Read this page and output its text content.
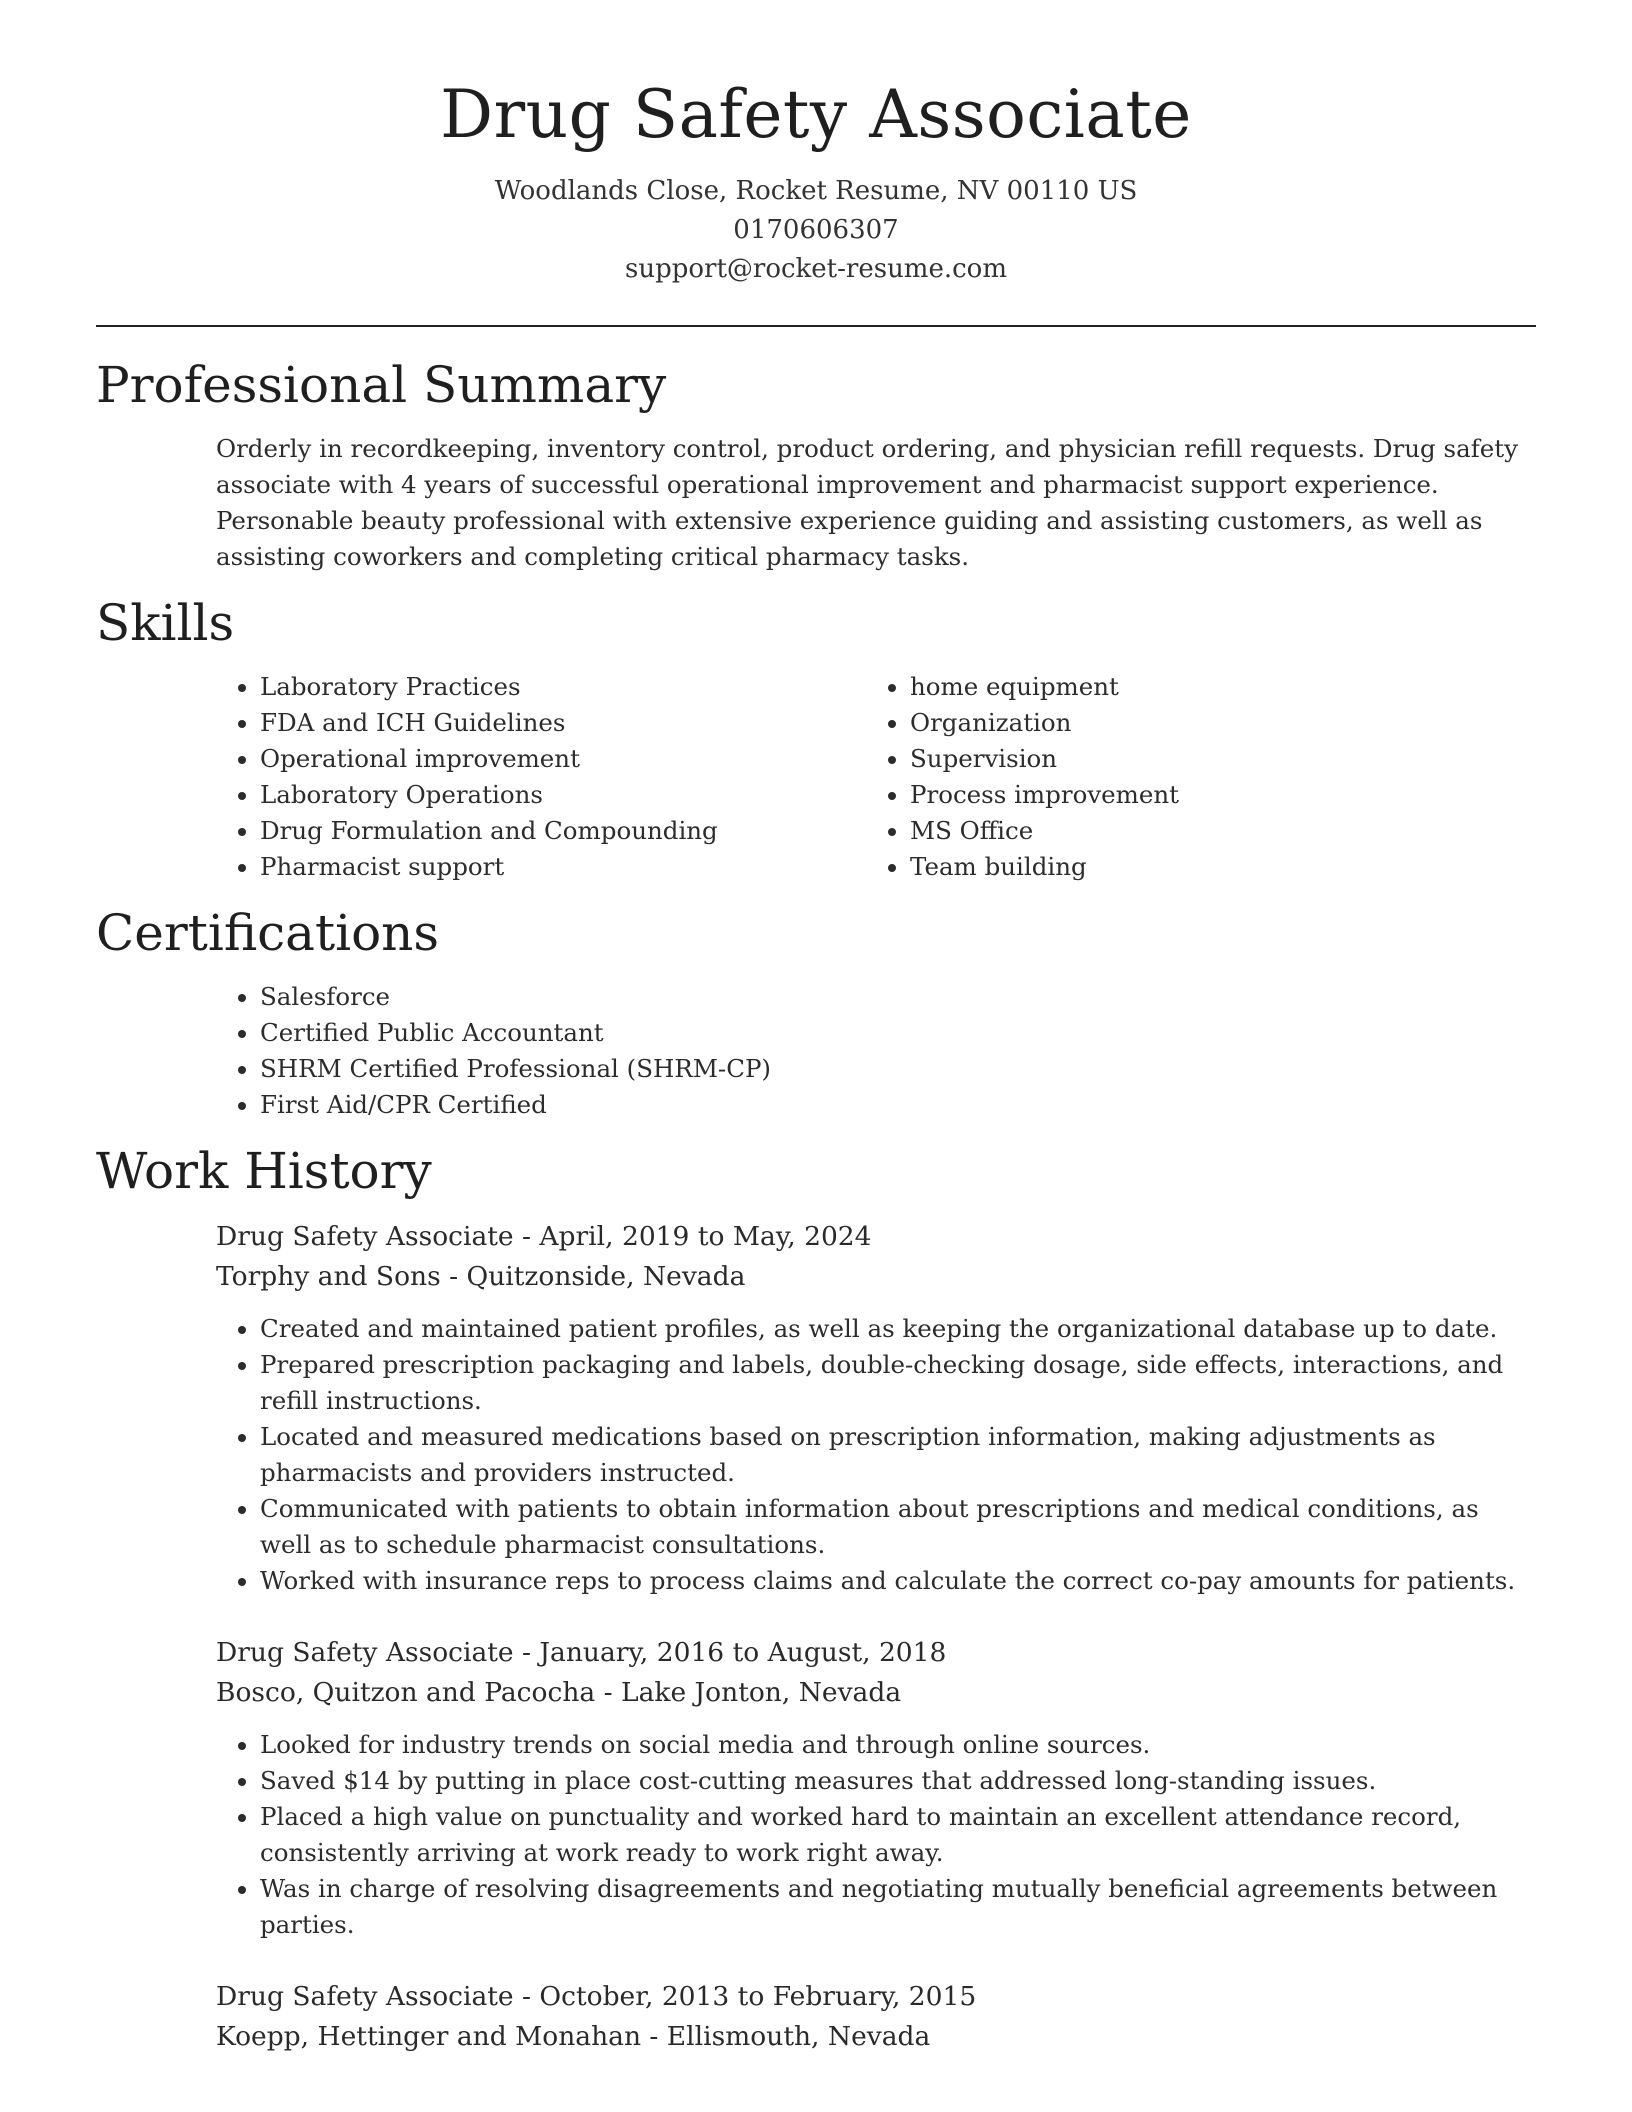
Drug Safety Associate
Woodlands Close, Rocket Resume, NV 00110 US
0170606307
support@rocket-resume.com
Professional Summary

Orderly in recordkeeping, inventory control, product ordering, and physician refill requests. Drug safety associate with 4 years of successful operational improvement and pharmacist support experience. Personable beauty professional with extensive experience guiding and assisting customers, as well as assisting coworkers and completing critical pharmacy tasks.

Skills
• Laboratory Practices
• FDA and ICH Guidelines
• Operational improvement
• Laboratory Operations
• Drug Formulation and Compounding
• Pharmacist support
• home equipment
• Organization
• Supervision
• Process improvement
• MS Office
• Team building
Certifications
• Salesforce
• Certified Public Accountant
• SHRM Certified Professional (SHRM-CP)
• First Aid/CPR Certified
Work History
Drug Safety Associate - April, 2019 to May, 2024
Torphy and Sons - Quitzonside, Nevada
• Created and maintained patient profiles, as well as keeping the organizational database up to date.
• Prepared prescription packaging and labels, double-checking dosage, side effects, interactions, and refill instructions.
• Located and measured medications based on prescription information, making adjustments as pharmacists and providers instructed.
• Communicated with patients to obtain information about prescriptions and medical conditions, as well as to schedule pharmacist consultations.
• Worked with insurance reps to process claims and calculate the correct co-pay amounts for patients.
Drug Safety Associate - January, 2016 to August, 2018
Bosco, Quitzon and Pacocha - Lake Jonton, Nevada
• Looked for industry trends on social media and through online sources.
• Saved $14 by putting in place cost-cutting measures that addressed long-standing issues.
• Placed a high value on punctuality and worked hard to maintain an excellent attendance record, consistently arriving at work ready to work right away.
• Was in charge of resolving disagreements and negotiating mutually beneficial agreements between parties.
Drug Safety Associate - October, 2013 to February, 2015
Koepp, Hettinger and Monahan - Ellismouth, Nevada
